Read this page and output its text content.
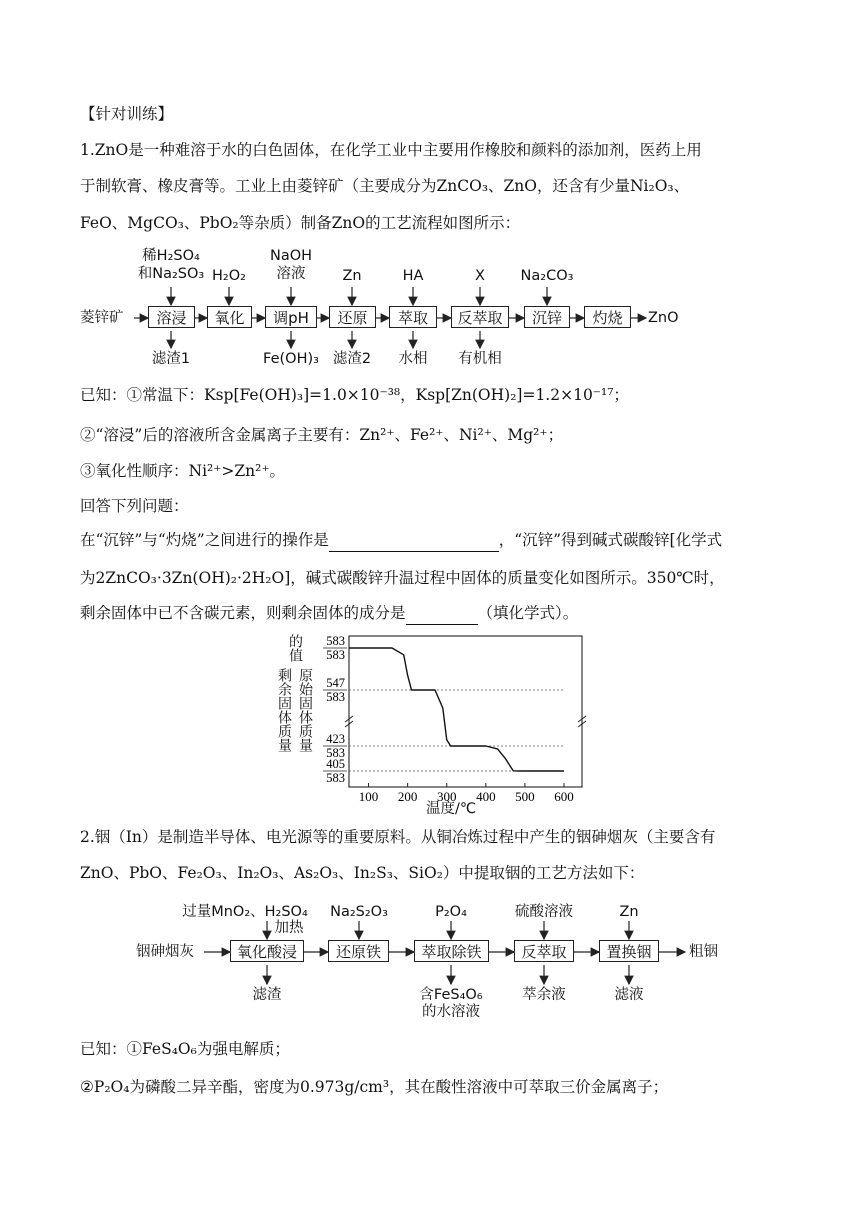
【针对训练】
1.ZnO是一种难溶于水的白色固体，在化学工业中主要用作橡胶和颜料的添加剂，医药上用
于制软膏、橡皮膏等。工业上由菱锌矿（主要成分为ZnCO₃、ZnO，还含有少量Ni₂O₃、
FeO、MgCO₃、PbO₂等杂质）制备ZnO的工艺流程如图所示：
菱锌矿	ZnO
溶浸	氧化	调pH	还原	萃取	反萃取	沉锌	灼烧
稀H₂SO₄
和Na₂SO₃ H₂O₂
NaOH
溶液	Zn	HA	X	Na₂CO₃
滤渣1	Fe(OH)₃ 滤渣2	水相	有机相
已知：①常温下：Ksp[Fe(OH)₃]=1.0×10⁻³⁸，Ksp[Zn(OH)₂]=1.2×10⁻¹⁷；
②“溶浸”后的溶液所含金属离子主要有：Zn²⁺、Fe²⁺、Ni²⁺、Mg²⁺；
③氧化性顺序：Ni²⁺>Zn²⁺。
回答下列问题：
在“沉锌”与“灼烧”之间进行的操作是	，“沉锌”得到碱式碳酸锌[化学式
为2ZnCO₃·3Zn(OH)₂·2H₂O]，碱式碳酸锌升温过程中固体的质量变化如图所示。350℃时，
剩余固体中已不含碳元素，则剩余固体的成分是	（填化学式）。
583
583
547
583
423
583
405
583
100 200 300 400 500 600
剩余固体质量 原始固体质量
的值
温度/℃
2.铟（In）是制造半导体、电光源等的重要原料。从铜冶炼过程中产生的铟砷烟灰（主要含有
ZnO、PbO、Fe₂O₃、In₂O₃、As₂O₃、In₂S₃、SiO₂）中提取铟的工艺方法如下：
铟砷烟灰	粗铟
氧化酸浸	还原铁	萃取除铁	反萃取	置换铟
过量MnO₂、H₂SO₄
加热
Na₂S₂O₃	P₂O₄	硫酸溶液	Zn
滤渣	含FeS₄O₆
的水溶液
萃余液	滤液
已知：①FeS₄O₆为强电解质；
②P₂O₄为磷酸二异辛酯，密度为0.973g/cm³，其在酸性溶液中可萃取三价金属离子；
